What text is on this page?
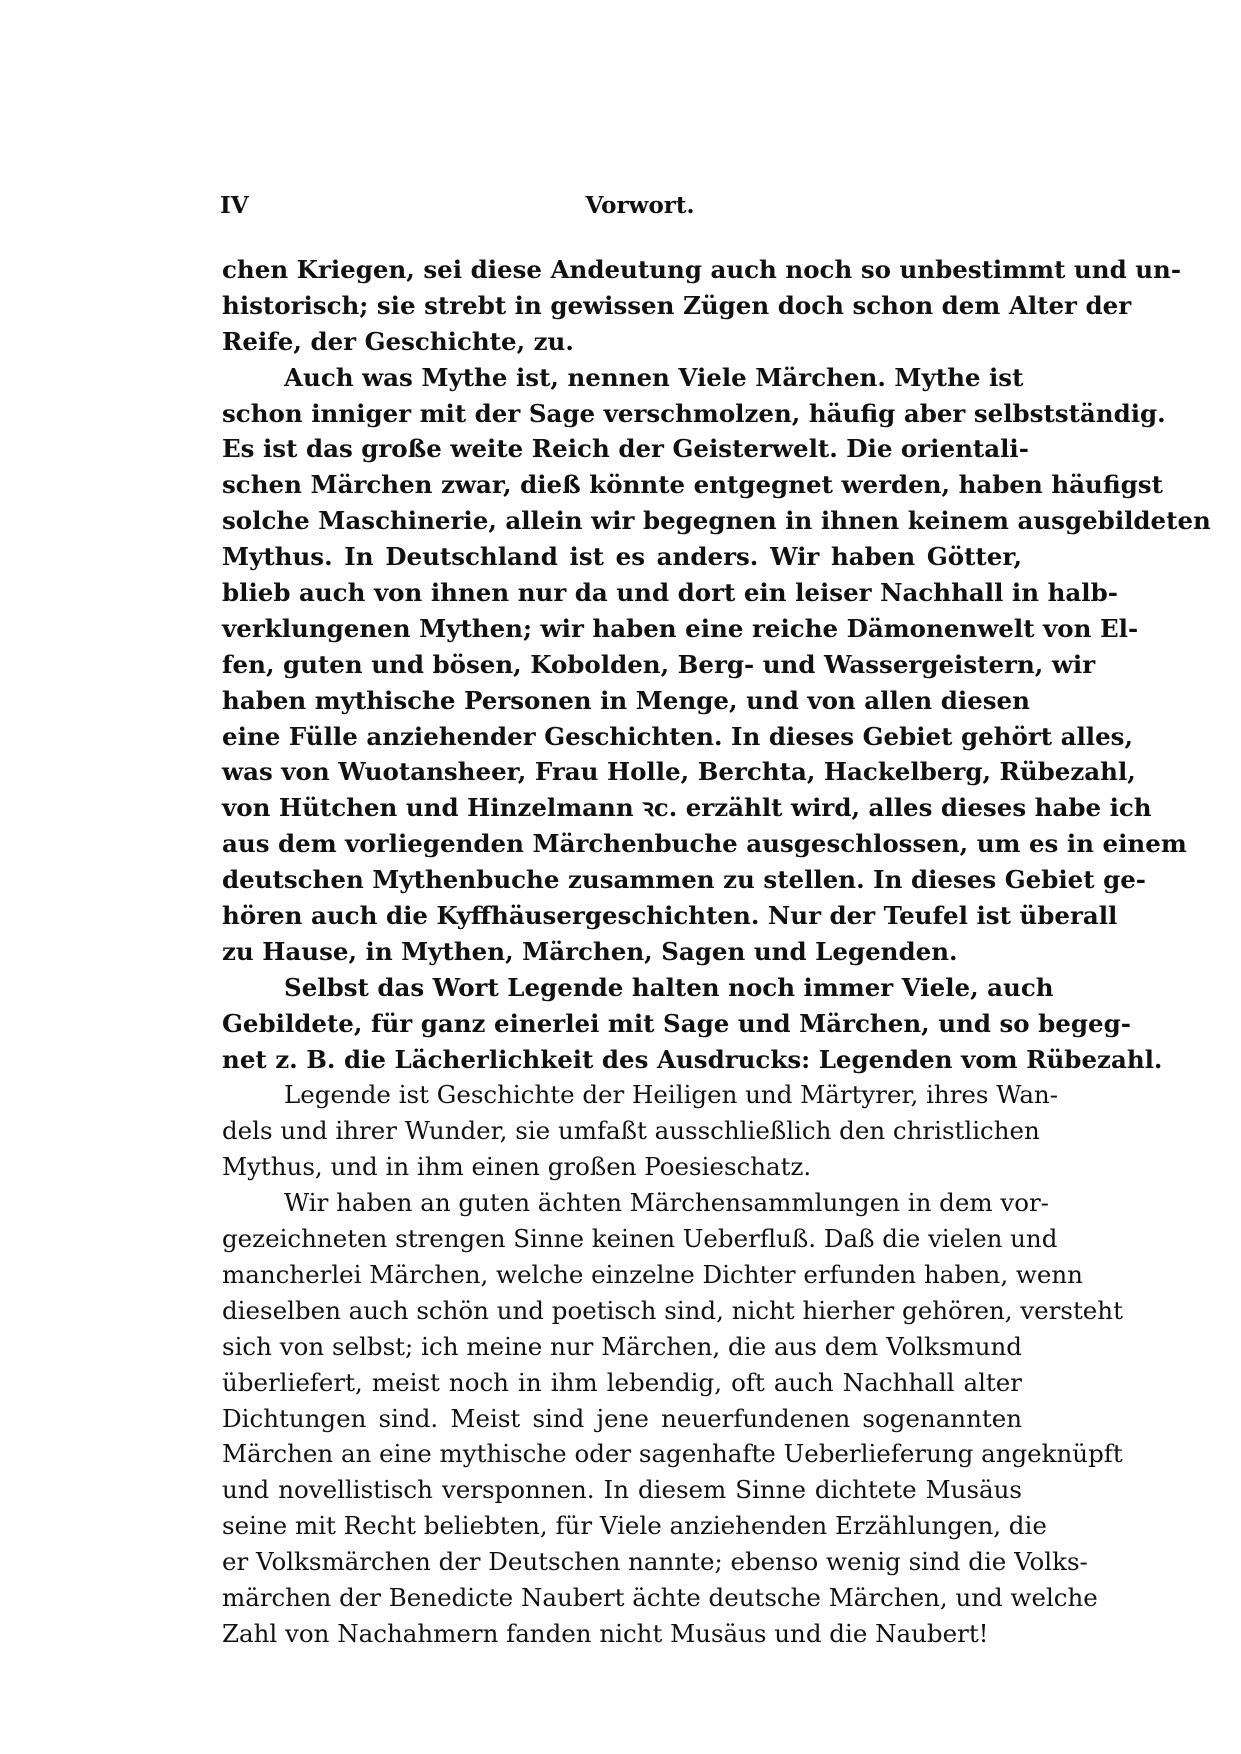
IV	Vorwort.
chen Kriegen, sei diese Andeutung auch noch so unbestimmt und un-
historisch; sie strebt in gewissen Zügen doch schon dem Alter der
Reife, der Geschichte, zu.
Auch was Mythe ist, nennen Viele Märchen. Mythe ist
schon inniger mit der Sage verschmolzen, häufig aber selbstständig.
Es ist das große weite Reich der Geisterwelt. Die orientali-
schen Märchen zwar, dieß könnte entgegnet werden, haben häufigst
solche Maschinerie, allein wir begegnen in ihnen keinem ausgebildeten
Mythus. In Deutschland ist es anders. Wir haben Götter,
blieb auch von ihnen nur da und dort ein leiser Nachhall in halb-
verklungenen Mythen; wir haben eine reiche Dämonenwelt von El-
fen, guten und bösen, Kobolden, Berg- und Wassergeistern, wir
haben mythische Personen in Menge, und von allen diesen
eine Fülle anziehender Geschichten. In dieses Gebiet gehört alles,
was von Wuotansheer, Frau Holle, Berchta, Hackelberg, Rübezahl,
von Hütchen und Hinzelmann ꝛc. erzählt wird, alles dieses habe ich
aus dem vorliegenden Märchenbuche ausgeschlossen, um es in einem
deutschen Mythenbuche zusammen zu stellen. In dieses Gebiet ge-
hören auch die Kyffhäusergeschichten. Nur der Teufel ist überall
zu Hause, in Mythen, Märchen, Sagen und Legenden.
Selbst das Wort Legende halten noch immer Viele, auch
Gebildete, für ganz einerlei mit Sage und Märchen, und so begeg-
net z. B. die Lächerlichkeit des Ausdrucks: Legenden vom Rübezahl.
Legende ist Geschichte der Heiligen und Märtyrer, ihres Wan-
dels und ihrer Wunder, sie umfaßt ausschließlich den christlichen
Mythus, und in ihm einen großen Poesieschatz.
Wir haben an guten ächten Märchensammlungen in dem vor-
gezeichneten strengen Sinne keinen Ueberfluß. Daß die vielen und
mancherlei Märchen, welche einzelne Dichter erfunden haben, wenn
dieselben auch schön und poetisch sind, nicht hierher gehören, versteht
sich von selbst; ich meine nur Märchen, die aus dem Volksmund
überliefert, meist noch in ihm lebendig, oft auch Nachhall alter
Dichtungen sind. Meist sind jene neuerfundenen sogenannten
Märchen an eine mythische oder sagenhafte Ueberlieferung angeknüpft
und novellistisch versponnen. In diesem Sinne dichtete Musäus
seine mit Recht beliebten, für Viele anziehenden Erzählungen, die
er Volksmärchen der Deutschen nannte; ebenso wenig sind die Volks-
märchen der Benedicte Naubert ächte deutsche Märchen, und welche
Zahl von Nachahmern fanden nicht Musäus und die Naubert!
